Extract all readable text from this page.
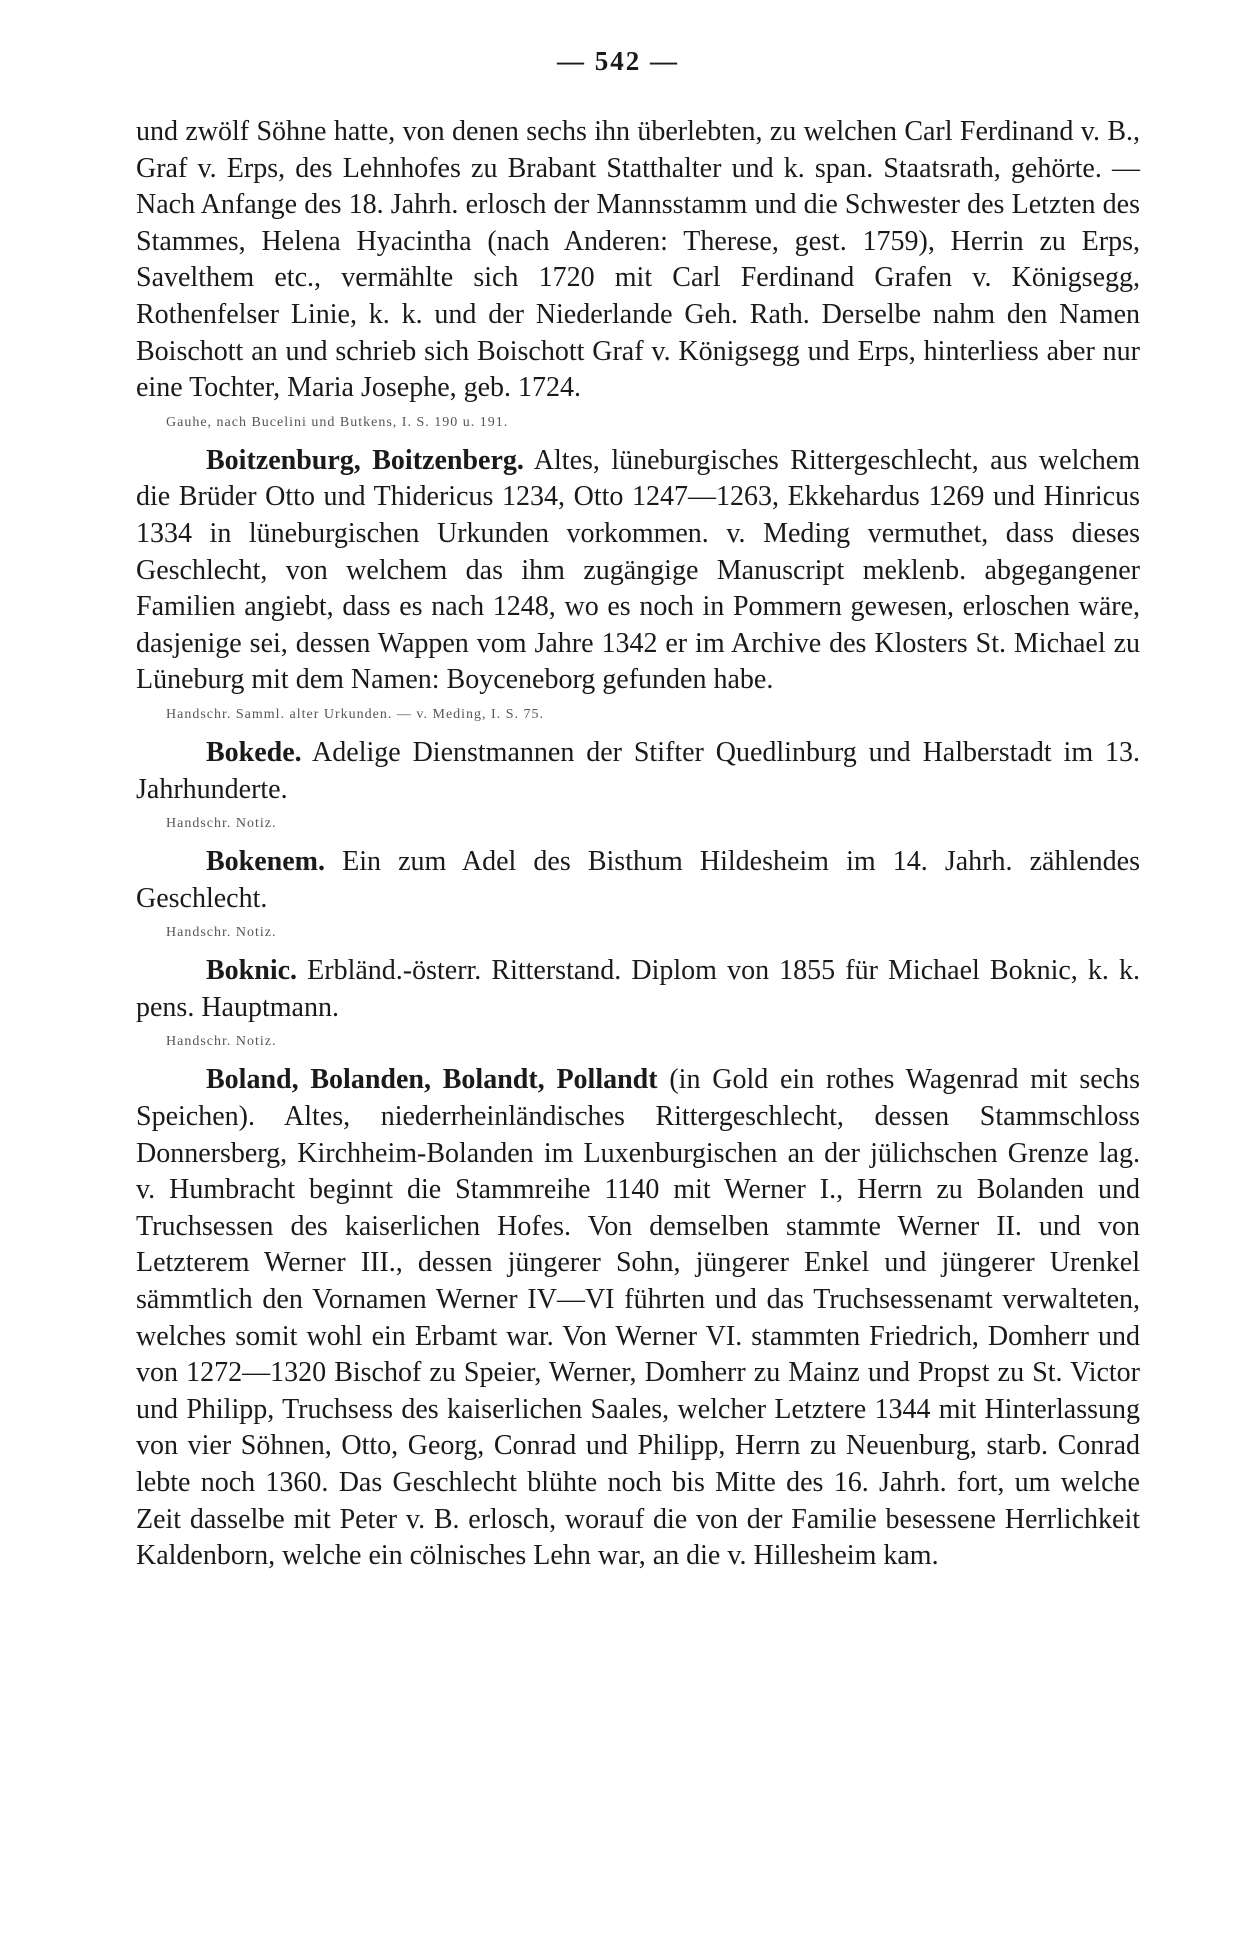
— 542 —

und zwölf Söhne hatte, von denen sechs ihn überlebten, zu welchen Carl Ferdinand v. B., Graf v. Erps, des Lehnhofes zu Brabant Statthalter und k. span. Staatsrath, gehörte. — Nach Anfange des 18. Jahrh. erlosch der Mannsstamm und die Schwester des Letzten des Stammes, Helena Hyacintha (nach Anderen: Therese, gest. 1759), Herrin zu Erps, Savelthem etc., vermählte sich 1720 mit Carl Ferdinand Grafen v. Königsegg, Rothenfelser Linie, k. k. und der Niederlande Geh. Rath. Derselbe nahm den Namen Boischott an und schrieb sich Boischott Graf v. Königsegg und Erps, hinterliess aber nur eine Tochter, Maria Josephe, geb. 1724.

Gauhe, nach Bucelini und Butkens, I. S. 190 u. 191.

Boitzenburg, Boitzenberg. Altes, lüneburgisches Rittergeschlecht, aus welchem die Brüder Otto und Thidericus 1234, Otto 1247—1263, Ekkehardus 1269 und Hinricus 1334 in lüneburgischen Urkunden vorkommen. v. Meding vermuthet, dass dieses Geschlecht, von welchem das ihm zugängige Manuscript meklenb. abgegangener Familien angiebt, dass es nach 1248, wo es noch in Pommern gewesen, erloschen wäre, dasjenige sei, dessen Wappen vom Jahre 1342 er im Archive des Klosters St. Michael zu Lüneburg mit dem Namen: Boyceneborg gefunden habe.

Handschr. Samml. alter Urkunden. — v. Meding, I. S. 75.

Bokede. Adelige Dienstmannen der Stifter Quedlinburg und Halberstadt im 13. Jahrhunderte.

Handschr. Notiz.

Bokenem. Ein zum Adel des Bisthum Hildesheim im 14. Jahrh. zählendes Geschlecht.

Handschr. Notiz.

Boknic. Erbländ.-österr. Ritterstand. Diplom von 1855 für Michael Boknic, k. k. pens. Hauptmann.

Handschr. Notiz.

Boland, Bolanden, Bolandt, Pollandt (in Gold ein rothes Wagenrad mit sechs Speichen). Altes, niederrheinländisches Rittergeschlecht, dessen Stammschloss Donnersberg, Kirchheim-Bolanden im Luxenburgischen an der jülichschen Grenze lag. v. Humbracht beginnt die Stammreihe 1140 mit Werner I., Herrn zu Bolanden und Truchsessen des kaiserlichen Hofes. Von demselben stammte Werner II. und von Letzterem Werner III., dessen jüngerer Sohn, jüngerer Enkel und jüngerer Urenkel sämmtlich den Vornamen Werner IV—VI führten und das Truchsessenamt verwalteten, welches somit wohl ein Erbamt war. Von Werner VI. stammten Friedrich, Domherr und von 1272—1320 Bischof zu Speier, Werner, Domherr zu Mainz und Propst zu St. Victor und Philipp, Truchsess des kaiserlichen Saales, welcher Letztere 1344 mit Hinterlassung von vier Söhnen, Otto, Georg, Conrad und Philipp, Herrn zu Neuenburg, starb. Conrad lebte noch 1360. Das Geschlecht blühte noch bis Mitte des 16. Jahrh. fort, um welche Zeit dasselbe mit Peter v. B. erlosch, worauf die von der Familie besessene Herrlichkeit Kaldenborn, welche ein cölnisches Lehn war, an die v. Hillesheim kam.
